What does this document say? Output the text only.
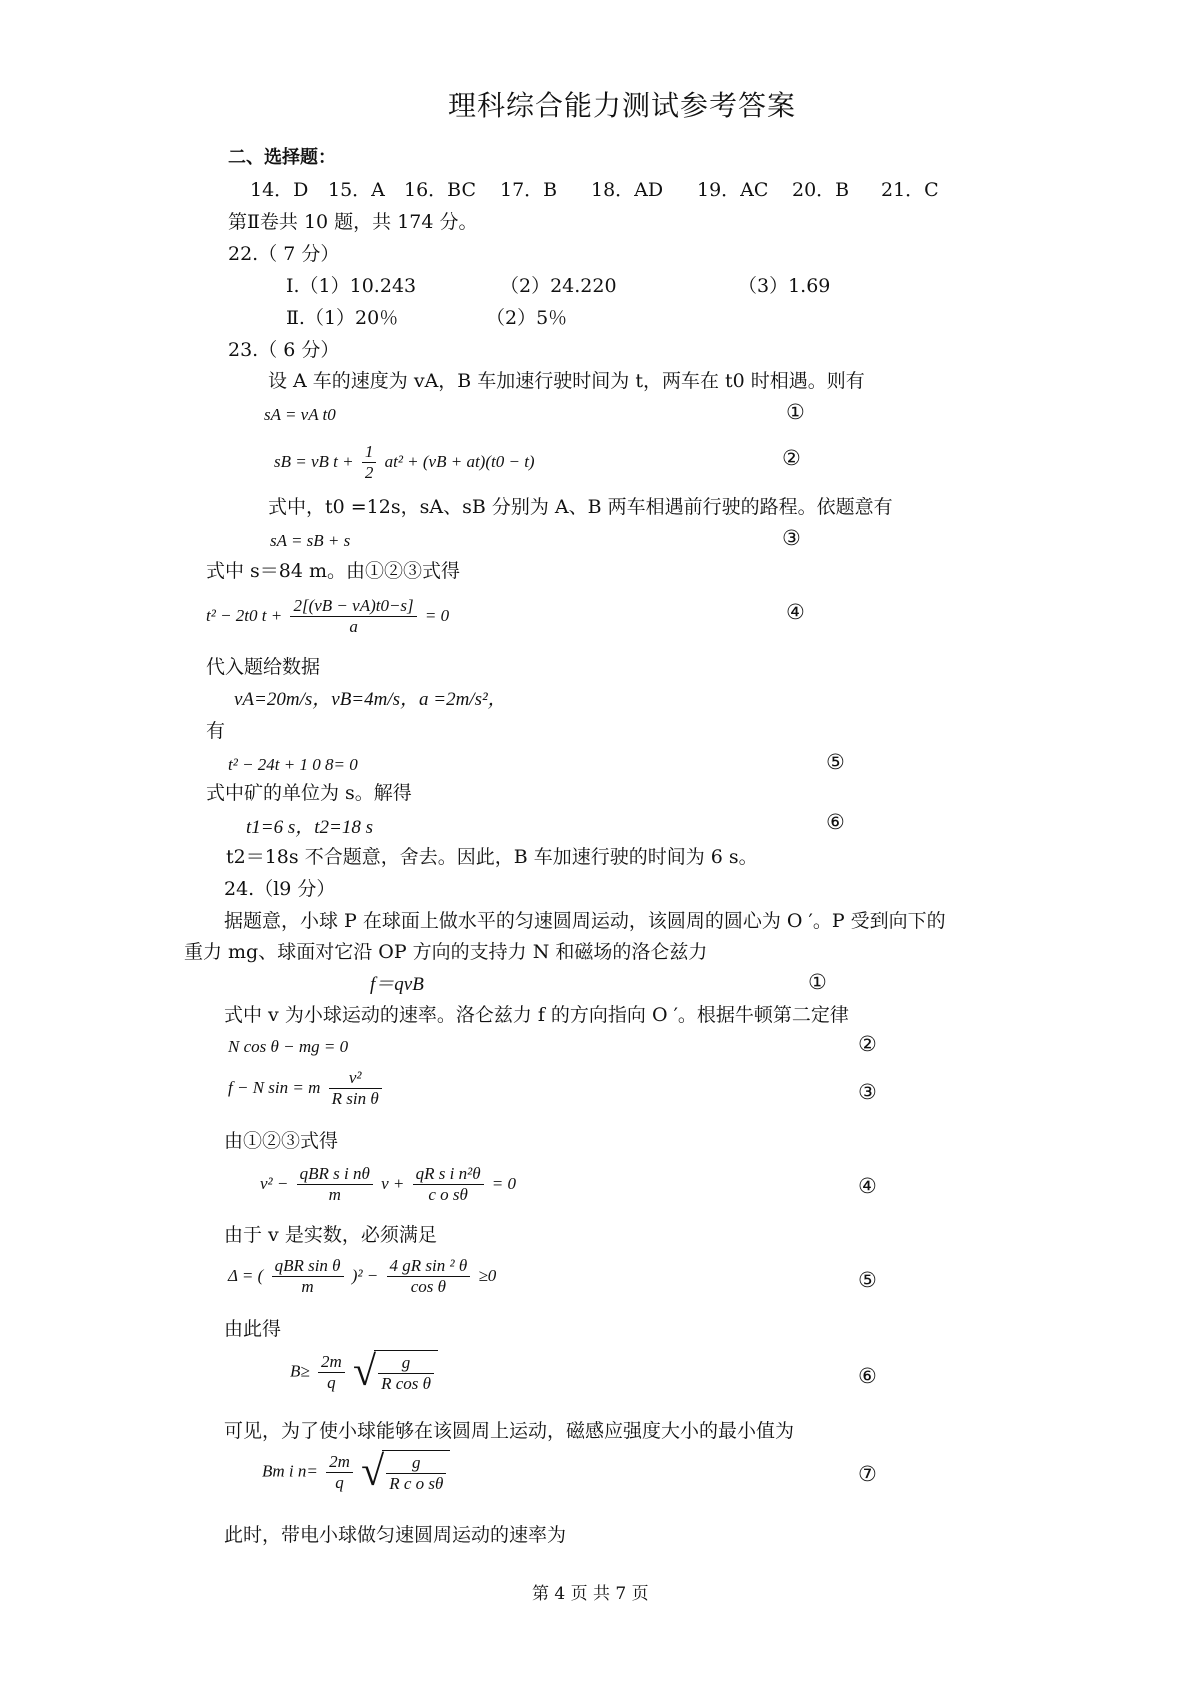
理科综合能力测试参考答案
二、选择题：
14．D 15．A 16．BC 17．B 18．AD 19．AC 20．B 21．C
第Ⅱ卷共 10 题，共 174 分。
22.（ 7 分）
Ⅰ.（1）10.243	（2）24.220	（3）1.69
Ⅱ.（1）20％	（2）5％
23.（ 6 分）
设 A 车的速度为 vA，B 车加速行驶时间为 t，两车在 t0 时相遇。则有
sA = vA t0	①
sB = vB $t + \frac{1}{2} at^2 + (vB + at)(t0 - t)$	②
式中，t0 =12s，sA、sB 分别为 A、B 两车相遇前行驶的路程。依题意有
sA = sB + s	③
式中 s＝84 m。由①②③式得
t² − 2t0 $t + \frac{2[(vB - vA)t0-s]}{a} = 0$	④
代入题给数据
vA=20m/s，vB=4m/s，a =2m/s²，
有
t² − 24t + 1 0 8= 0	⑤
式中矿的单位为 s。解得
t1=6 s，t2=18 s	⑥
t2＝18s 不合题意，舍去。因此，B 车加速行驶的时间为 6 s。
24.（l9 分）
据题意，小球 P 在球面上做水平的匀速圆周运动，该圆周的圆心为 O ′。P 受到向下的
重力 mg、球面对它沿 OP 方向的支持力 N 和磁场的洛仑兹力
f＝qvB	①
式中 v 为小球运动的速率。洛仑兹力 f 的方向指向 O ′。根据牛顿第二定律
N cos θ − mg = 0	②
f − N sin = m $\frac{\text{v²}}{\text{R sin θ}}$	③
由①②③式得
$v^2 - \frac{\text{qBR s i nθ}}{m}$ $v + \frac{\text{qR s i n²θ}}{\text{c o sθ}} = 0$	④
由于 v 是实数，必须满足
Δ = ( $\frac{\text{qBR sin θ}}{m} )^2 - \frac{\text{4 gR sin ² θ}}{\text{cos θ}} \ge 0$	⑤
由此得
$B\ge \frac{2m}{q}$ √ $\frac{g}{\text{R cos θ}}$	⑥
可见，为了使小球能够在该圆周上运动，磁感应强度大小的最小值为
Bm i $n= \frac{2m}{q}$ √ $\frac{g}{\text{R c o sθ}}$	⑦
此时，带电小球做匀速圆周运动的速率为
第 4 页 共 7 页
